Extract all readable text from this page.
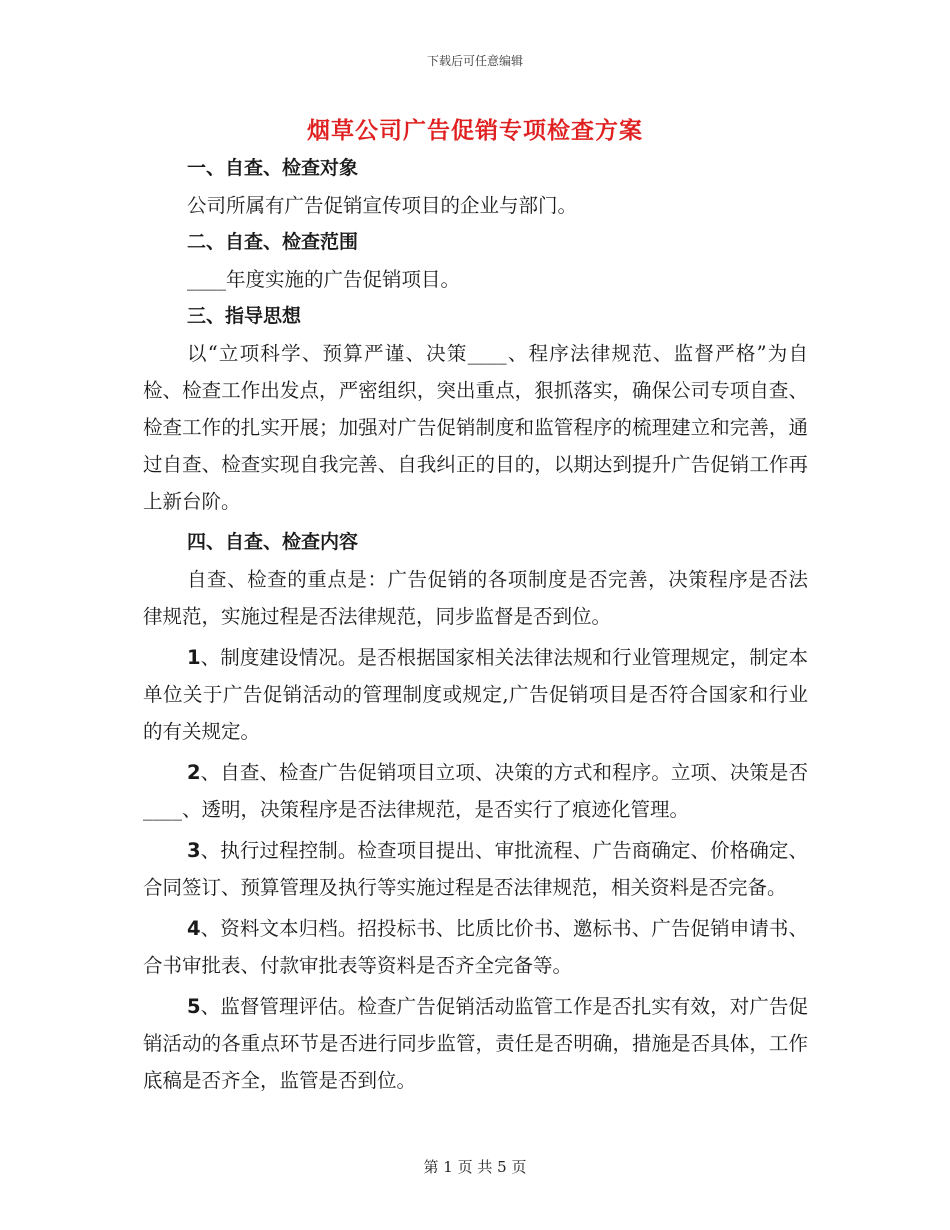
下载后可任意编辑
烟草公司广告促销专项检查方案
一、自查、检查对象

公司所属有广告促销宣传项目的企业与部门。

二、自查、检查范围

____年度实施的广告促销项目。

三、指导思想

以“立项科学、预算严谨、决策____、程序法律规范、监督严格”为自检、检查工作出发点，严密组织，突出重点，狠抓落实，确保公司专项自查、检查工作的扎实开展；加强对广告促销制度和监管程序的梳理建立和完善，通过自查、检查实现自我完善、自我纠正的目的，以期达到提升广告促销工作再上新台阶。

四、自查、检查内容

自查、检查的重点是：广告促销的各项制度是否完善，决策程序是否法律规范，实施过程是否法律规范，同步监督是否到位。

1、制度建设情况。是否根据国家相关法律法规和行业管理规定，制定本单位关于广告促销活动的管理制度或规定,广告促销项目是否符合国家和行业的有关规定。

2、自查、检查广告促销项目立项、决策的方式和程序。立项、决策是否____、透明，决策程序是否法律规范，是否实行了痕迹化管理。

3、执行过程控制。检查项目提出、审批流程、广告商确定、价格确定、合同签订、预算管理及执行等实施过程是否法律规范，相关资料是否完备。

4、资料文本归档。招投标书、比质比价书、邀标书、广告促销申请书、合书审批表、付款审批表等资料是否齐全完备等。

5、监督管理评估。检查广告促销活动监管工作是否扎实有效，对广告促销活动的各重点环节是否进行同步监管，责任是否明确，措施是否具体，工作底稿是否齐全，监管是否到位。

第 1 页 共 5 页
